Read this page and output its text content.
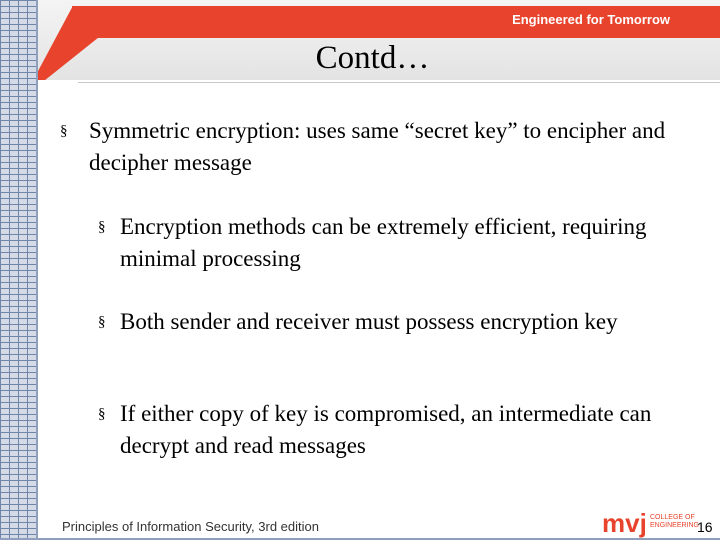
Engineered for Tomorrow
Contd…
§ Symmetric encryption: uses same “secret key” to encipher and decipher message
§ Encryption methods can be extremely efficient, requiring minimal processing
§ Both sender and receiver must possess encryption key
§ If either copy of key is compromised, an intermediate can decrypt and read messages
Principles of Information Security, 3rd edition	mvj COLLEGE OF
ENGINEERING
16
